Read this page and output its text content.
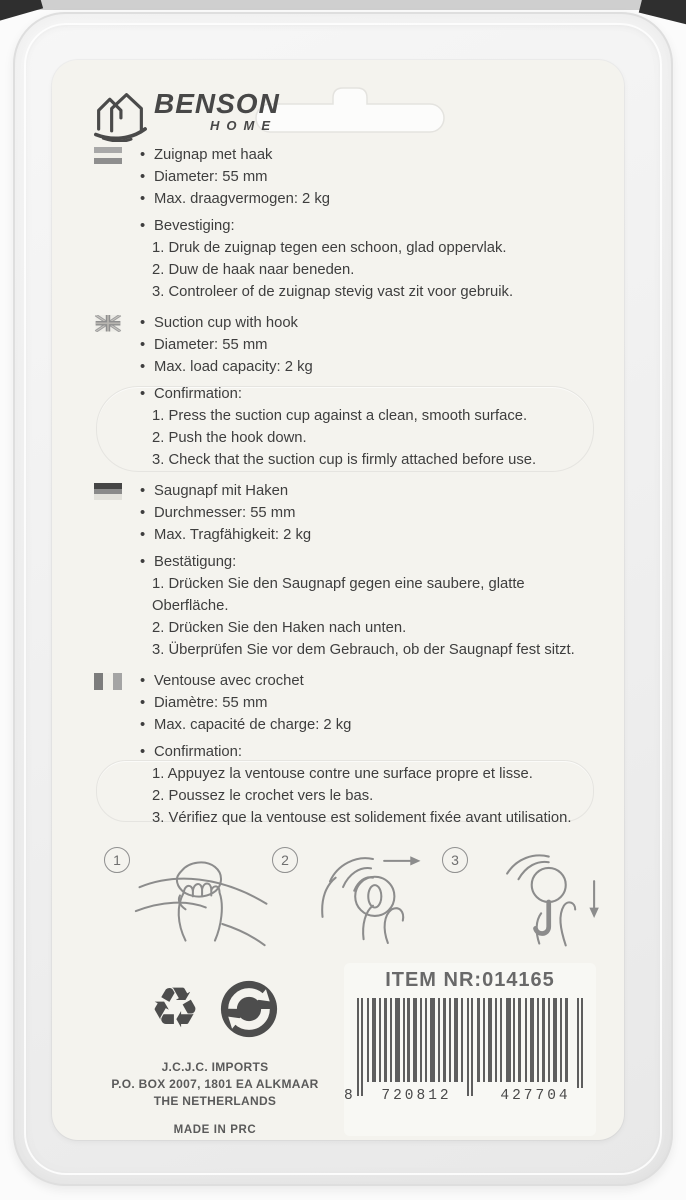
BENSON
HOME
• Zuignap met haak
• Diameter: 55 mm
• Max. draagvermogen: 2 kg
• Bevestiging:
1. Druk de zuignap tegen een schoon, glad oppervlak.
2. Duw de haak naar beneden.
3. Controleer of de zuignap stevig vast zit voor gebruik.
• Suction cup with hook
• Diameter: 55 mm
• Max. load capacity: 2 kg
• Confirmation:
1. Press the suction cup against a clean, smooth surface.
2. Push the hook down.
3. Check that the suction cup is firmly attached before use.
• Saugnapf mit Haken
• Durchmesser: 55 mm
• Max. Tragfähigkeit: 2 kg
• Bestätigung:
1. Drücken Sie den Saugnapf gegen eine saubere, glatte Oberfläche.
2. Drücken Sie den Haken nach unten.
3. Überprüfen Sie vor dem Gebrauch, ob der Saugnapf fest sitzt.
• Ventouse avec crochet
• Diamètre: 55 mm
• Max. capacité de charge: 2 kg
• Confirmation:
1. Appuyez la ventouse contre une surface propre et lisse.
2. Poussez le crochet vers le bas.
3. Vérifiez que la ventouse est solidement fixée avant utilisation.
1	2	3
♻
J.C.J.C. IMPORTS
P.O. BOX 2007, 1801 EA ALKMAAR
THE NETHERLANDS
MADE IN PRC
ITEM NR:014165
8	720812	427704
